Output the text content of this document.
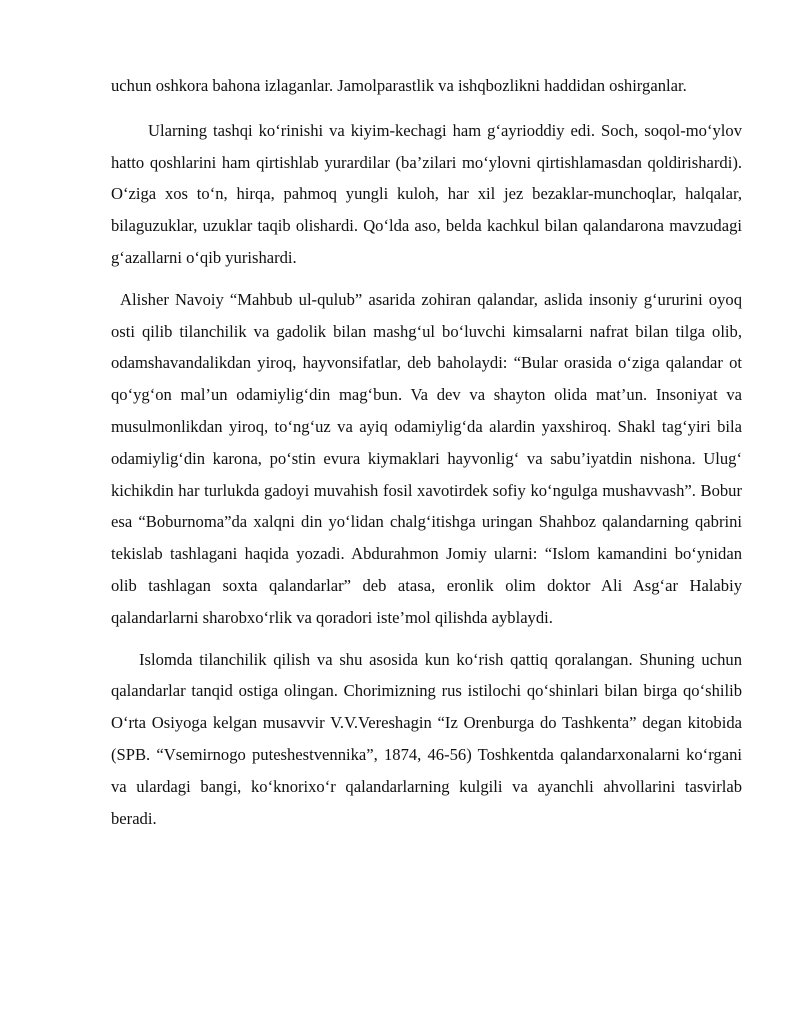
uchun oshkora bahona izlaganlar. Jamolparastlik va ishqbozlikni haddidan oshirganlar.

Ularning tashqi ko‘rinishi va kiyim-kechagi ham g‘ayrioddiy edi. Soch, soqol-mo‘ylov hatto qoshlarini ham qirtishlab yurardilar (ba’zilari mo‘ylovni qirtishlamasdan qoldirishardi). O‘ziga xos to‘n, hirqa, pahmoq yungli kuloh, har xil jez bezaklar-munchoqlar, halqalar, bilaguzuklar, uzuklar taqib olishardi. Qo‘lda aso, belda kachkul bilan qalandarona mavzudagi g‘azallarni o‘qib yurishardi.

Alisher Navoiy “Mahbub ul-qulub” asarida zohiran qalandar, aslida insoniy g‘ururini oyoq osti qilib tilanchilik va gadolik bilan mashg‘ul bo‘luvchi kimsalarni nafrat bilan tilga olib, odamshavandalikdan yiroq, hayvonsifatlar, deb baholaydi: “Bular orasida o‘ziga qalandar ot qo‘yg‘on mal’un odamiylig‘din mag‘bun. Va dev va shayton olida mat’un. Insoniyat va musulmonlikdan yiroq, to‘ng‘uz va ayiq odamiylig‘da alardin yaxshiroq. Shakl tag‘yiri bila odamiylig‘din karona, po‘stin evura kiymaklari hayvonlig‘ va sabu’iyatdin nishona. Ulug‘ kichikdin har turlukda gadoyi muvahish fosil xavotirdek sofiy ko‘ngulga mushavvash”. Bobur esa “Boburnoma”da xalqni din yo‘lidan chalg‘itishga uringan Shahboz qalandarning qabrini tekislab tashlagani haqida yozadi. Abdurahmon Jomiy ularni: “Islom kamandini bo‘ynidan olib tashlagan soxta qalandarlar” deb atasa, eronlik olim doktor Ali Asg‘ar Halabiy qalandarlarni sharobxo‘rlik va qoradori iste’mol qilishda ayblaydi.

Islomda tilanchilik qilish va shu asosida kun ko‘rish qattiq qoralangan. Shuning uchun qalandarlar tanqid ostiga olingan. Chorimizning rus istilochi qo‘shinlari bilan birga qo‘shilib O‘rta Osiyoga kelgan musavvir V.V.Vereshagin “Iz Orenburga do Tashkenta” degan kitobida (SPB. “Vsemirnogo puteshestvennika”, 1874, 46-56) Toshkentda qalandarxonalarni ko‘rgani va ulardagi bangi, ko‘knorixo‘r qalandarlarning kulgili va ayanchli ahvollarini tasvirlab beradi.
